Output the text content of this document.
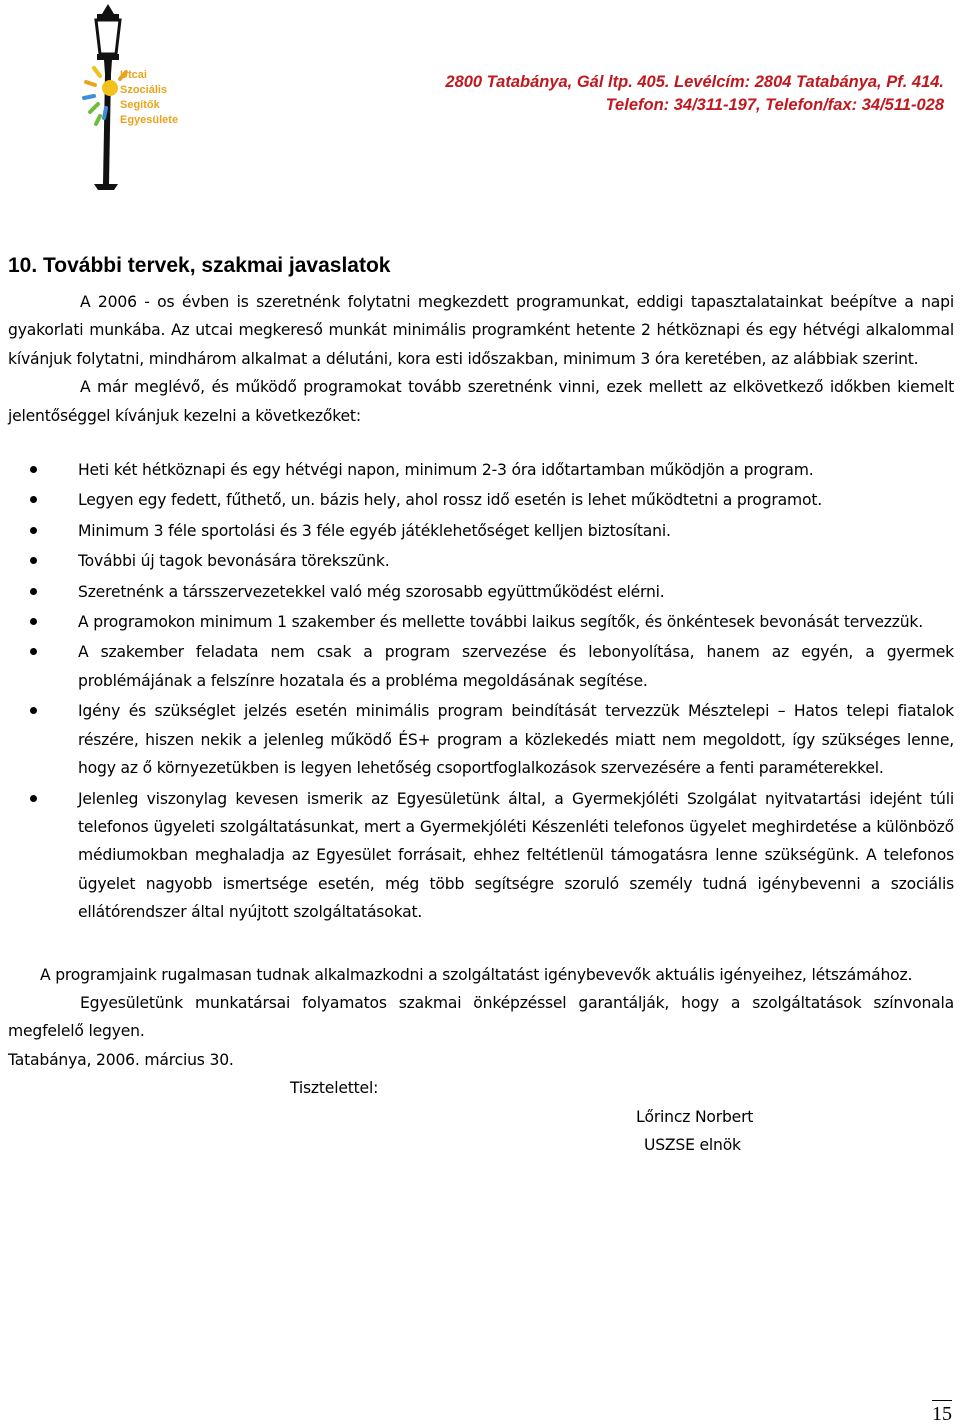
Utcai
Szociális
Segítők
Egyesülete
2800 Tatabánya, Gál ltp. 405. Levélcím: 2804 Tatabánya, Pf. 414.
Telefon: 34/311-197, Telefon/fax: 34/511-028
10. További tervek, szakmai javaslatok

A 2006 - os évben is szeretnénk folytatni megkezdett programunkat, eddigi tapasztalatainkat beépítve a napi gyakorlati munkába. Az utcai megkereső munkát minimális programként hetente 2 hétköznapi és egy hétvégi alkalommal kívánjuk folytatni, mindhárom alkalmat a délutáni, kora esti időszakban, minimum 3 óra keretében, az alábbiak szerint.

A már meglévő, és működő programokat tovább szeretnénk vinni, ezek mellett az elkövetkező időkben kiemelt jelentőséggel kívánjuk kezelni a következőket:

Heti két hétköznapi és egy hétvégi napon, minimum 2-3 óra időtartamban működjön a program.
Legyen egy fedett, fűthető, un. bázis hely, ahol rossz idő esetén is lehet működtetni a programot.
Minimum 3 féle sportolási és 3 féle egyéb játéklehetőséget kelljen biztosítani.
További új tagok bevonására törekszünk.
Szeretnénk a társszervezetekkel való még szorosabb együttműködést elérni.
A programokon minimum 1 szakember és mellette további laikus segítők, és önkéntesek bevonását tervezzük.
A szakember feladata nem csak a program szervezése és lebonyolítása, hanem az egyén, a gyermek problémájának a felszínre hozatala és a probléma megoldásának segítése.
Igény és szükséglet jelzés esetén minimális program beindítását tervezzük Mésztelepi – Hatos telepi fiatalok részére, hiszen nekik a jelenleg működő ÉS+ program a közlekedés miatt nem megoldott, így szükséges lenne, hogy az ő környezetükben is legyen lehetőség csoportfoglalkozások szervezésére a fenti paraméterekkel.
Jelenleg viszonylag kevesen ismerik az Egyesületünk által, a Gyermekjóléti Szolgálat nyitvatartási idejént túli telefonos ügyeleti szolgáltatásunkat, mert a Gyermekjóléti Készenléti telefonos ügyelet meghirdetése a különböző médiumokban meghaladja az Egyesület forrásait, ehhez feltétlenül támogatásra lenne szükségünk. A telefonos ügyelet nagyobb ismertsége esetén, még több segítségre szoruló személy tudná igénybevenni a szociális ellátórendszer által nyújtott szolgáltatásokat.

A programjaink rugalmasan tudnak alkalmazkodni a szolgáltatást igénybevevők aktuális igényeihez, létszámához.

Egyesületünk munkatársai folyamatos szakmai önképzéssel garantálják, hogy a szolgáltatások színvonala megfelelő legyen.

Tatabánya, 2006. március 30.

Tisztelettel:

Lőrincz Norbert

USZSE elnök

15
